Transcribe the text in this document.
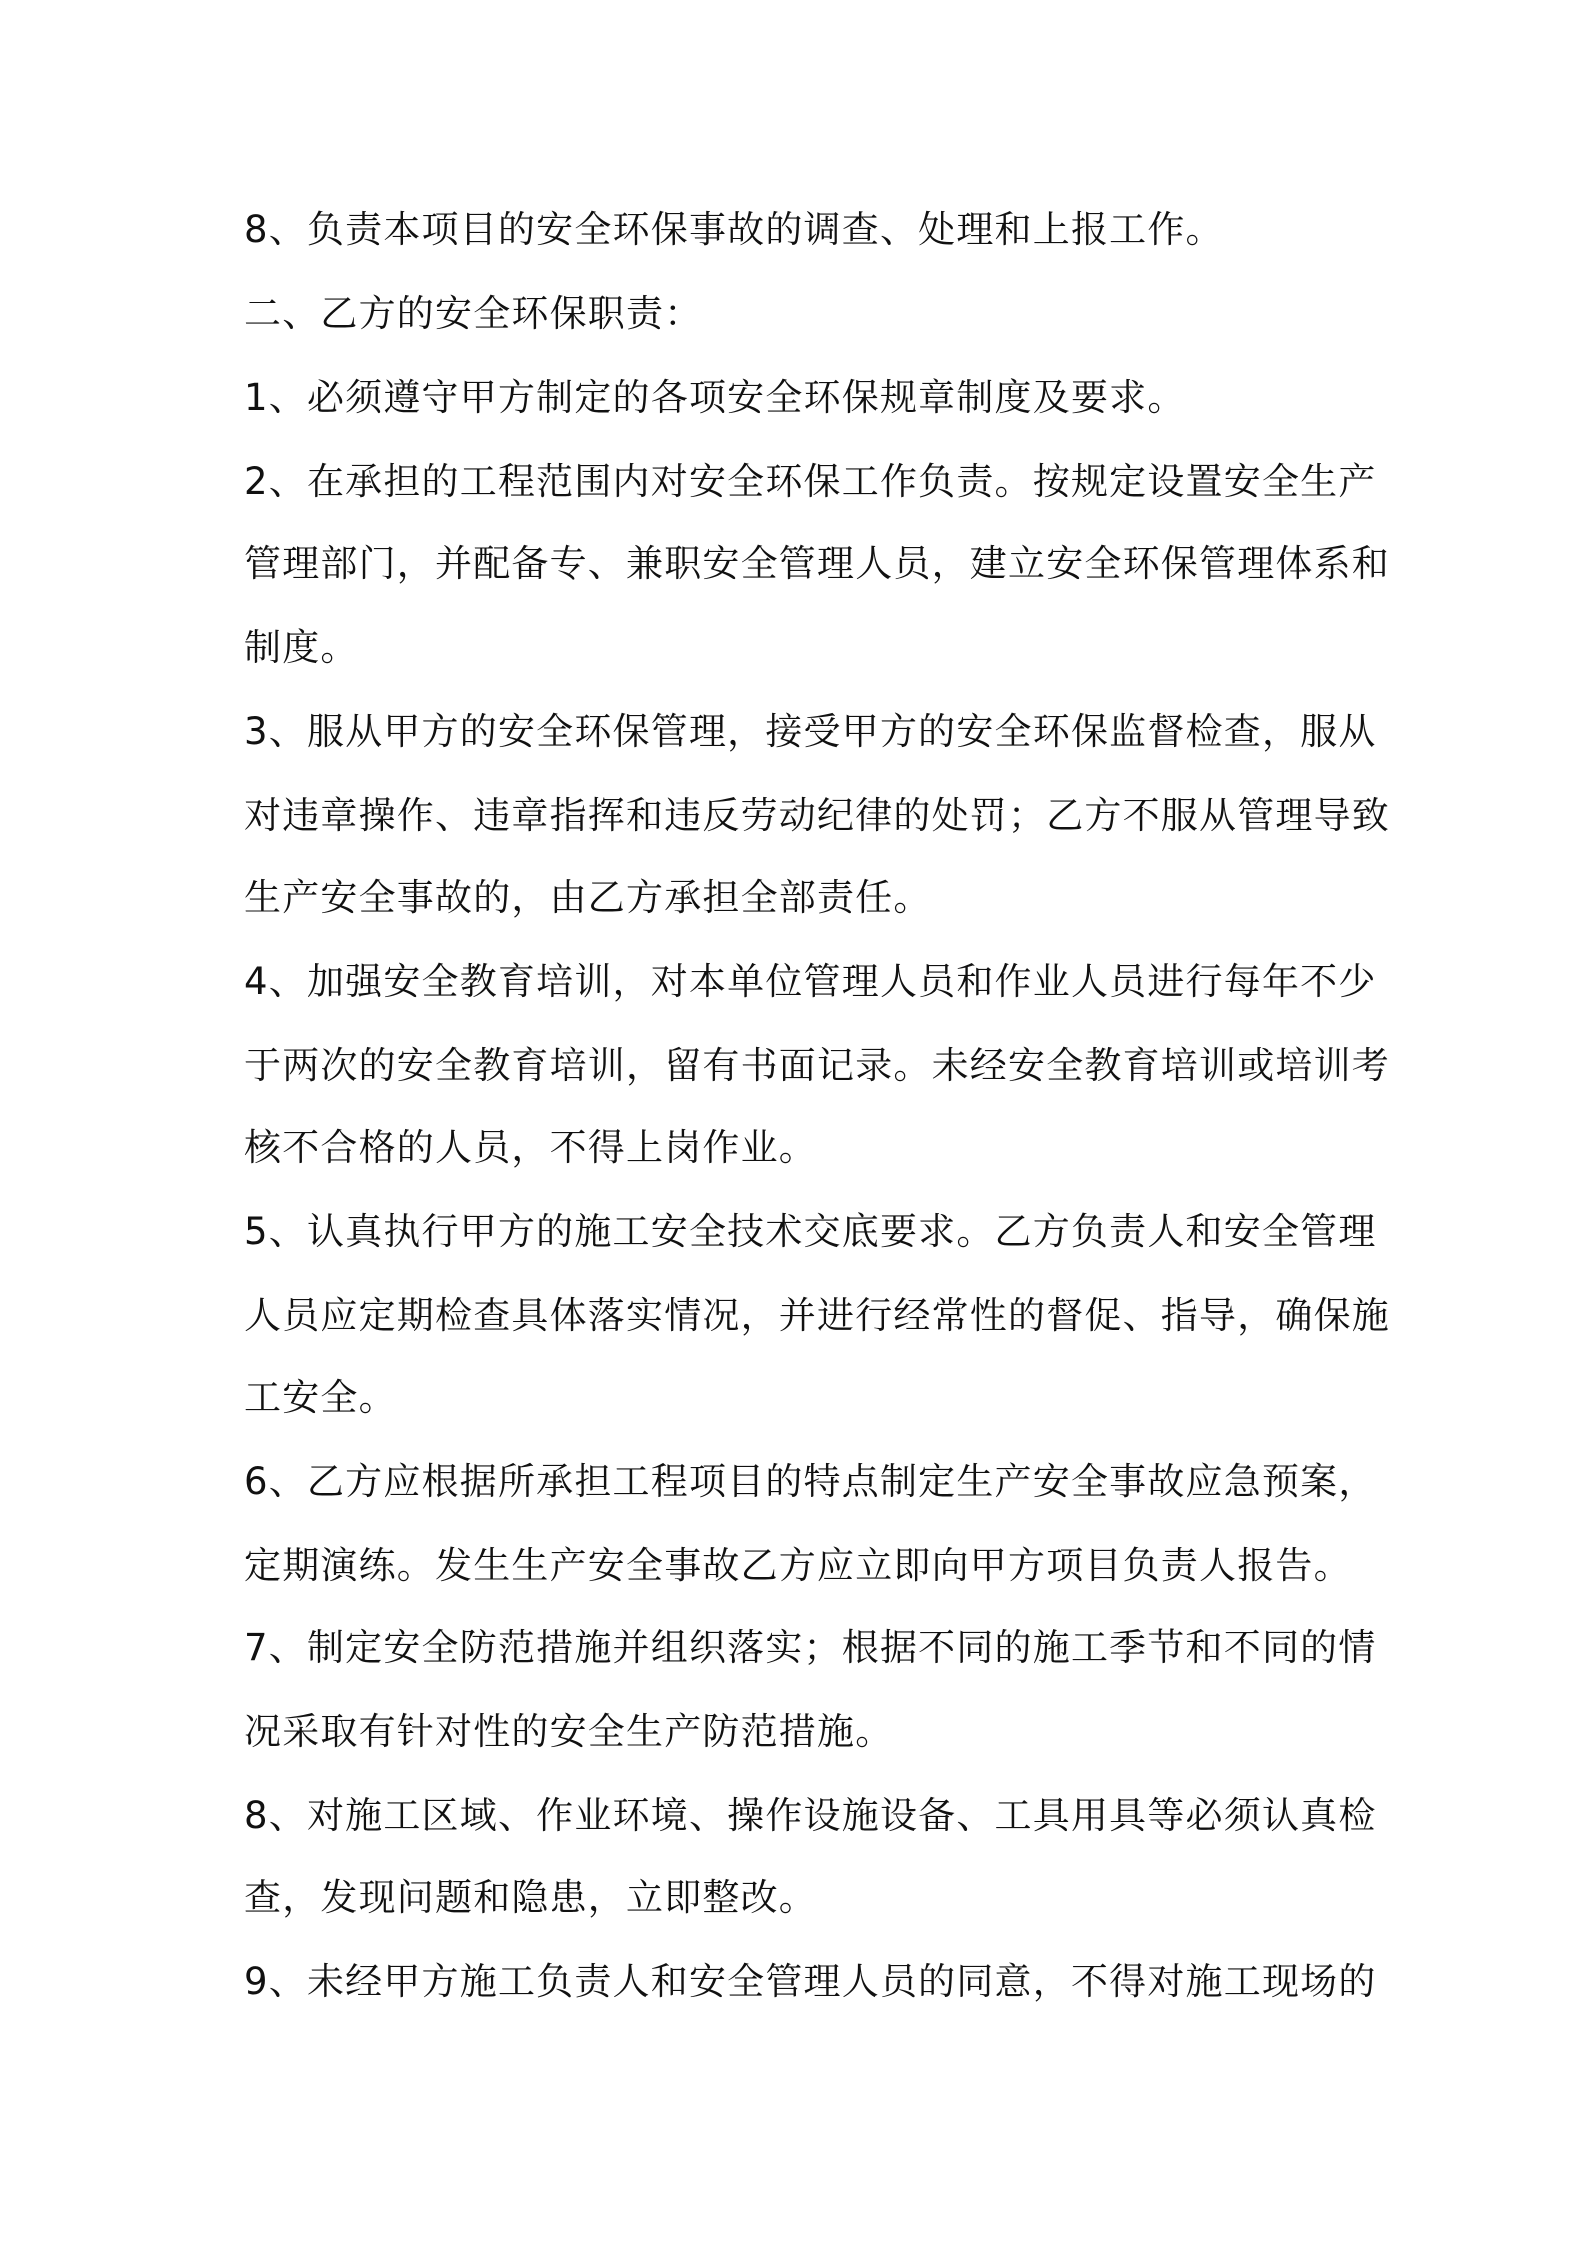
8、负责本项目的安全环保事故的调查、处理和上报工作。

二、乙方的安全环保职责：

1、必须遵守甲方制定的各项安全环保规章制度及要求。

2、在承担的工程范围内对安全环保工作负责。按规定设置安全生产

管理部门，并配备专、兼职安全管理人员，建立安全环保管理体系和

制度。

3、服从甲方的安全环保管理，接受甲方的安全环保监督检查，服从

对违章操作、违章指挥和违反劳动纪律的处罚；乙方不服从管理导致

生产安全事故的，由乙方承担全部责任。

4、加强安全教育培训，对本单位管理人员和作业人员进行每年不少

于两次的安全教育培训，留有书面记录。未经安全教育培训或培训考

核不合格的人员，不得上岗作业。

5、认真执行甲方的施工安全技术交底要求。乙方负责人和安全管理

人员应定期检查具体落实情况，并进行经常性的督促、指导，确保施

工安全。

6、乙方应根据所承担工程项目的特点制定生产安全事故应急预案，

定期演练。发生生产安全事故乙方应立即向甲方项目负责人报告。

7、制定安全防范措施并组织落实；根据不同的施工季节和不同的情

况采取有针对性的安全生产防范措施。

8、对施工区域、作业环境、操作设施设备、工具用具等必须认真检

查，发现问题和隐患，立即整改。

9、未经甲方施工负责人和安全管理人员的同意，不得对施工现场的
